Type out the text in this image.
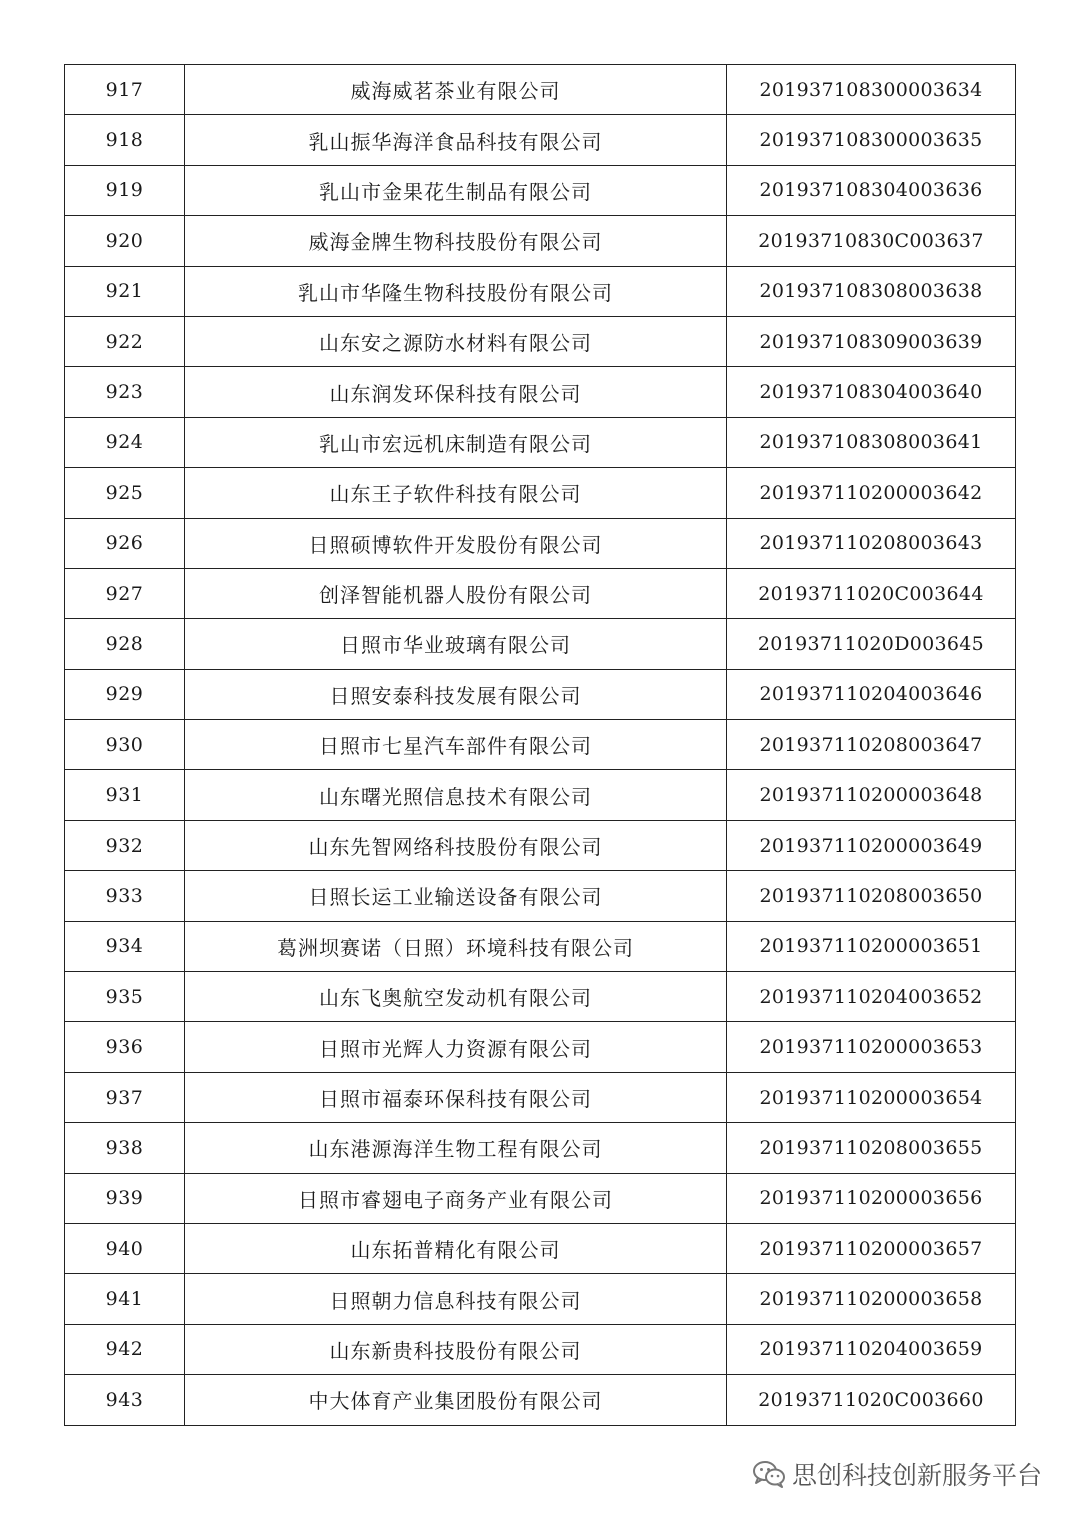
917	威海威茗茶业有限公司	201937108300003634
918	乳山振华海洋食品科技有限公司	201937108300003635
919	乳山市金果花生制品有限公司	201937108304003636
920	威海金牌生物科技股份有限公司	20193710830C003637
921	乳山市华隆生物科技股份有限公司	201937108308003638
922	山东安之源防水材料有限公司	201937108309003639
923	山东润发环保科技有限公司	201937108304003640
924	乳山市宏远机床制造有限公司	201937108308003641
925	山东王子软件科技有限公司	201937110200003642
926	日照硕博软件开发股份有限公司	201937110208003643
927	创泽智能机器人股份有限公司	20193711020C003644
928	日照市华业玻璃有限公司	20193711020D003645
929	日照安泰科技发展有限公司	201937110204003646
930	日照市七星汽车部件有限公司	201937110208003647
931	山东曙光照信息技术有限公司	201937110200003648
932	山东先智网络科技股份有限公司	201937110200003649
933	日照长运工业输送设备有限公司	201937110208003650
934	葛洲坝赛诺（日照）环境科技有限公司	201937110200003651
935	山东飞奥航空发动机有限公司	201937110204003652
936	日照市光辉人力资源有限公司	201937110200003653
937	日照市福泰环保科技有限公司	201937110200003654
938	山东港源海洋生物工程有限公司	201937110208003655
939	日照市睿翅电子商务产业有限公司	201937110200003656
940	山东拓普精化有限公司	201937110200003657
941	日照朝力信息科技有限公司	201937110200003658
942	山东新贵科技股份有限公司	201937110204003659
943	中大体育产业集团股份有限公司	20193711020C003660
思创科技创新服务平台
